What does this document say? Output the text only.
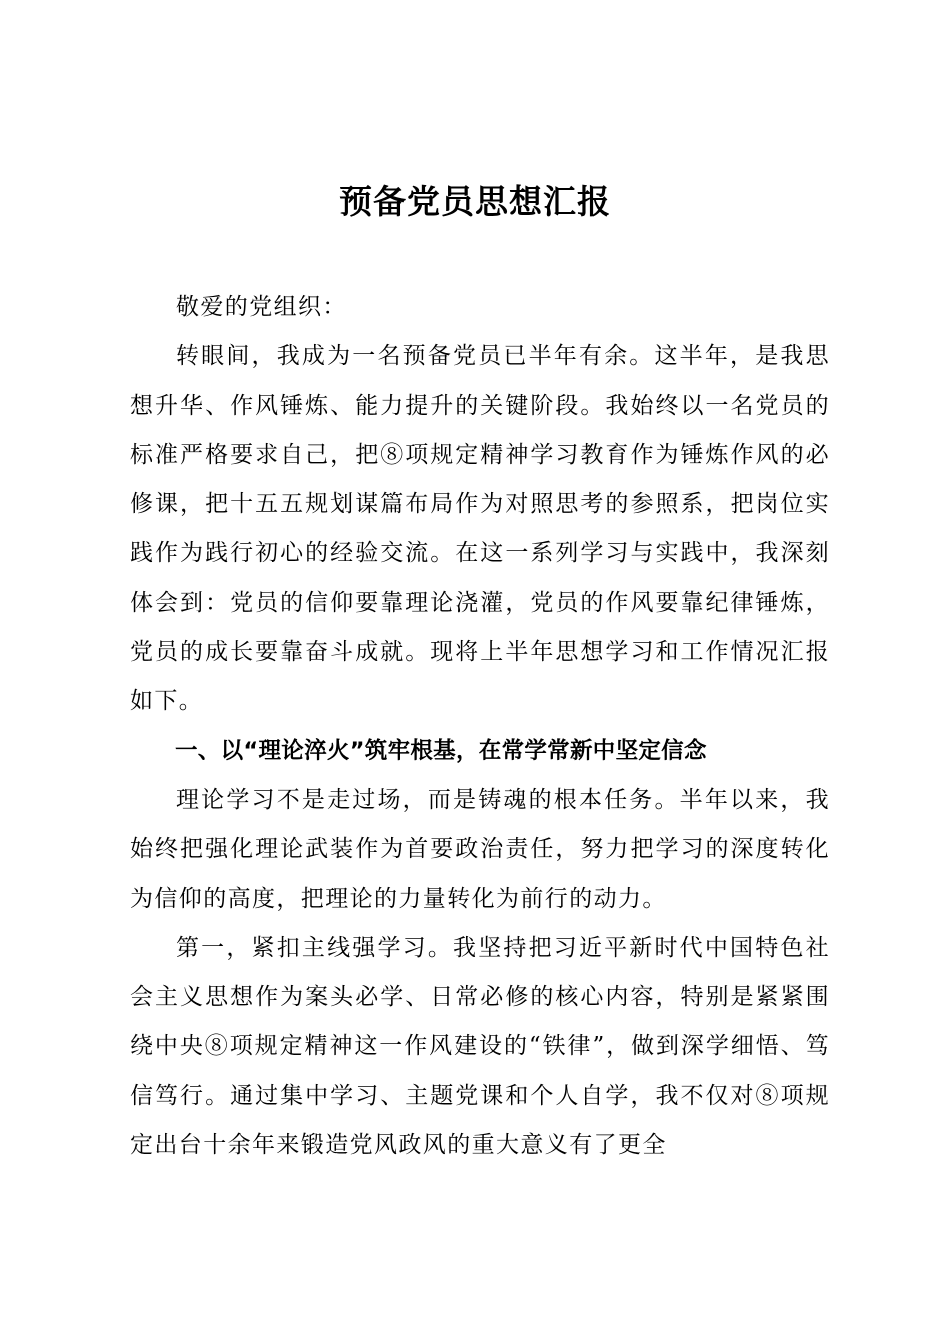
预备党员思想汇报

敬爱的党组织：

转眼间，我成为一名预备党员已半年有余。这半年，是我思想升华、作风锤炼、能力提升的关键阶段。我始终以一名党员的标准严格要求自己，把⑧项规定精神学习教育作为锤炼作风的必修课，把十五五规划谋篇布局作为对照思考的参照系，把岗位实践作为践行初心的经验交流。在这一系列学习与实践中，我深刻体会到：党员的信仰要靠理论浇灌，党员的作风要靠纪律锤炼，党员的成长要靠奋斗成就。现将上半年思想学习和工作情况汇报如下。

一、以“理论淬火”筑牢根基，在常学常新中坚定信念

理论学习不是走过场，而是铸魂的根本任务。半年以来，我始终把强化理论武装作为首要政治责任，努力把学习的深度转化为信仰的高度，把理论的力量转化为前行的动力。

第一，紧扣主线强学习。我坚持把习近平新时代中国特色社会主义思想作为案头必学、日常必修的核心内容，特别是紧紧围绕中央⑧项规定精神这一作风建设的“铁律”，做到深学细悟、笃信笃行。通过集中学习、主题党课和个人自学，我不仅对⑧项规定出台十余年来锻造党风政风的重大意义有了更全
